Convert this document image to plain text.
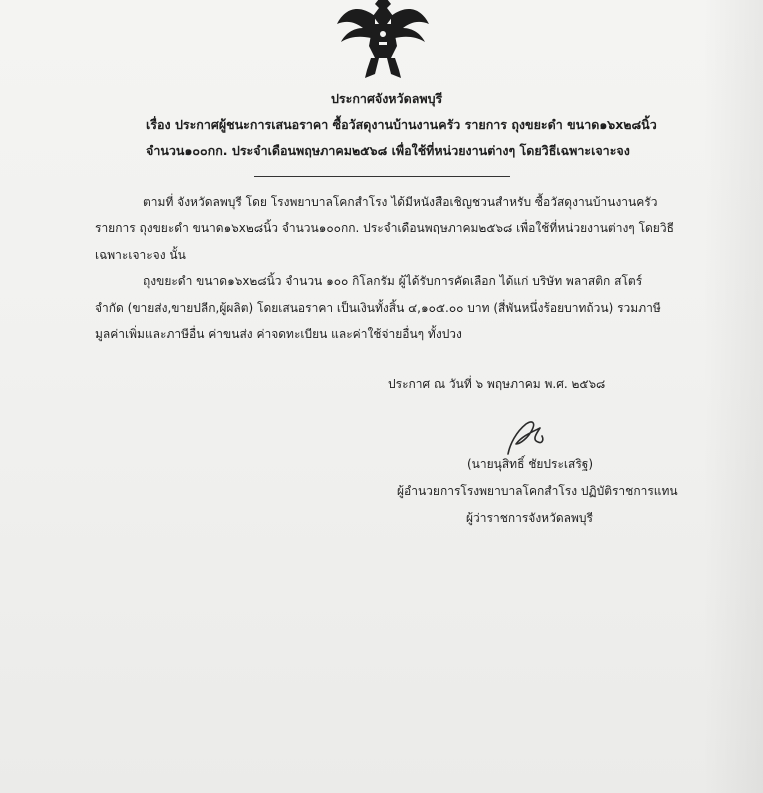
ประกาศจังหวัดลพบุรี
เรื่อง ประกาศผู้ชนะการเสนอราคา ซื้อวัสดุงานบ้านงานครัว รายการ ถุงขยะดำ ขนาด๑๖x๒๘นิ้ว
จำนวน๑๐๐กก. ประจำเดือนพฤษภาคม๒๕๖๘ เพื่อใช้ที่หน่วยงานต่างๆ โดยวิธีเฉพาะเจาะจง
ตามที่ จังหวัดลพบุรี โดย โรงพยาบาลโคกสำโรง ได้มีหนังสือเชิญชวนสำหรับ ซื้อวัสดุงานบ้านงานครัว
รายการ ถุงขยะดำ ขนาด๑๖x๒๘นิ้ว จำนวน๑๐๐กก. ประจำเดือนพฤษภาคม๒๕๖๘ เพื่อใช้ที่หน่วยงานต่างๆ โดยวิธี
เฉพาะเจาะจง นั้น
ถุงขยะดำ ขนาด๑๖x๒๘นิ้ว จำนวน ๑๐๐ กิโลกรัม ผู้ได้รับการคัดเลือก ได้แก่ บริษัท พลาสติก สโตร์
จำกัด (ขายส่ง,ขายปลีก,ผู้ผลิต) โดยเสนอราคา เป็นเงินทั้งสิ้น ๔,๑๐๕.๐๐ บาท (สี่พันหนึ่งร้อยบาทถ้วน) รวมภาษี
มูลค่าเพิ่มและภาษีอื่น ค่าขนส่ง ค่าจดทะเบียน และค่าใช้จ่ายอื่นๆ ทั้งปวง
ประกาศ ณ วันที่ ๖ พฤษภาคม พ.ศ. ๒๕๖๘
(นายนุสิทธิ์ ชัยประเสริฐ)
ผู้อำนวยการโรงพยาบาลโคกสำโรง ปฏิบัติราชการแทน
ผู้ว่าราชการจังหวัดลพบุรี
